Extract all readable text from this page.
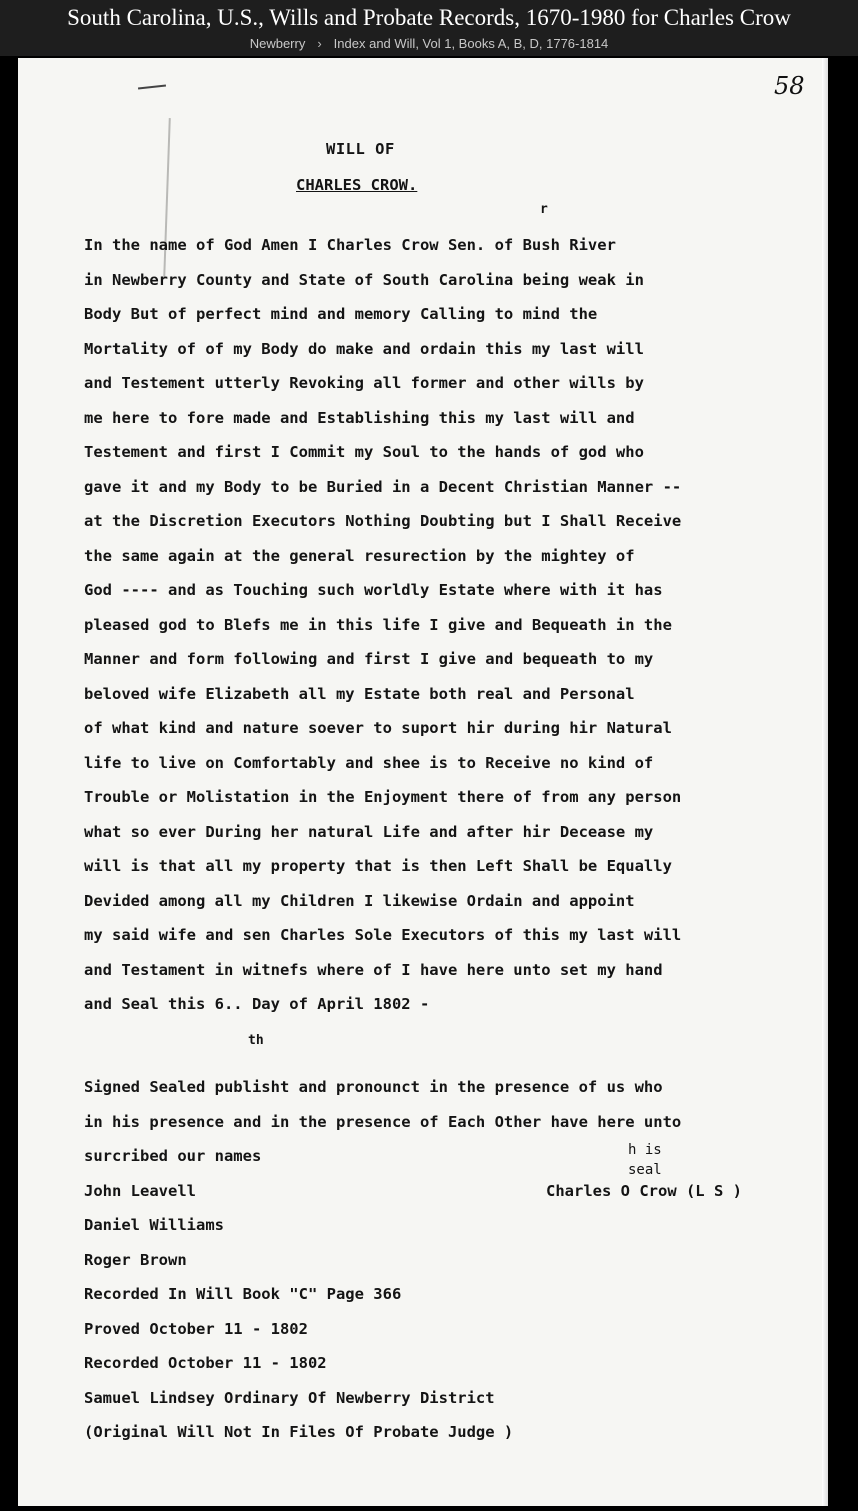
South Carolina, U.S., Wills and Probate Records, 1670-1980 for Charles Crow
Newberry › Index and Will, Vol 1, Books A, B, D, 1776-1814
58
WILL OF
CHARLES CROW.
r
In the name of God Amen I Charles Crow Sen. of Bush River
in Newberry County and State of South Carolina being weak in
Body But of perfect mind and memory Calling to mind the
Mortality of of my Body do make and ordain this my last will
and Testement utterly Revoking all former and other wills by
me here to fore made and Establishing this my last will and
Testement and first I Commit my Soul to the hands of god who
gave it and my Body to be Buried in a Decent Christian Manner --
at the Discretion Executors Nothing Doubting but I Shall Receive
the same again at the general resurection by the mightey of
God ---- and as Touching such worldly Estate where with it has
pleased god to Blefs me in this life I give and Bequeath in the
Manner and form following and first I give and bequeath to my
beloved wife Elizabeth all my Estate both real and Personal
of what kind and nature soever to suport hir during hir Natural
life to live on Comfortably and shee is to Receive no kind of
Trouble or Molistation in the Enjoyment there of from any person
what so ever During her natural Life and after hir Decease my
will is that all my property that is then Left Shall be Equally
Devided among all my Children I likewise Ordain and appoint
my said wife and sen Charles Sole Executors of this my last will
and Testament in witnefs where of I have here unto set my hand
and Seal this 6.. Day of April 1802 -
th
Signed Sealed publisht and pronounct in the presence of us who
in his presence and in the presence of Each Other have here unto
surcribed our names
John Leavell	Charles O Crow (L S )
Daniel Williams
Roger Brown
Recorded In Will Book "C" Page 366
Proved October 11 - 1802
Recorded October 11 - 1802
Samuel Lindsey Ordinary Of Newberry District
(Original Will Not In Files Of Probate Judge )
h is
seal
